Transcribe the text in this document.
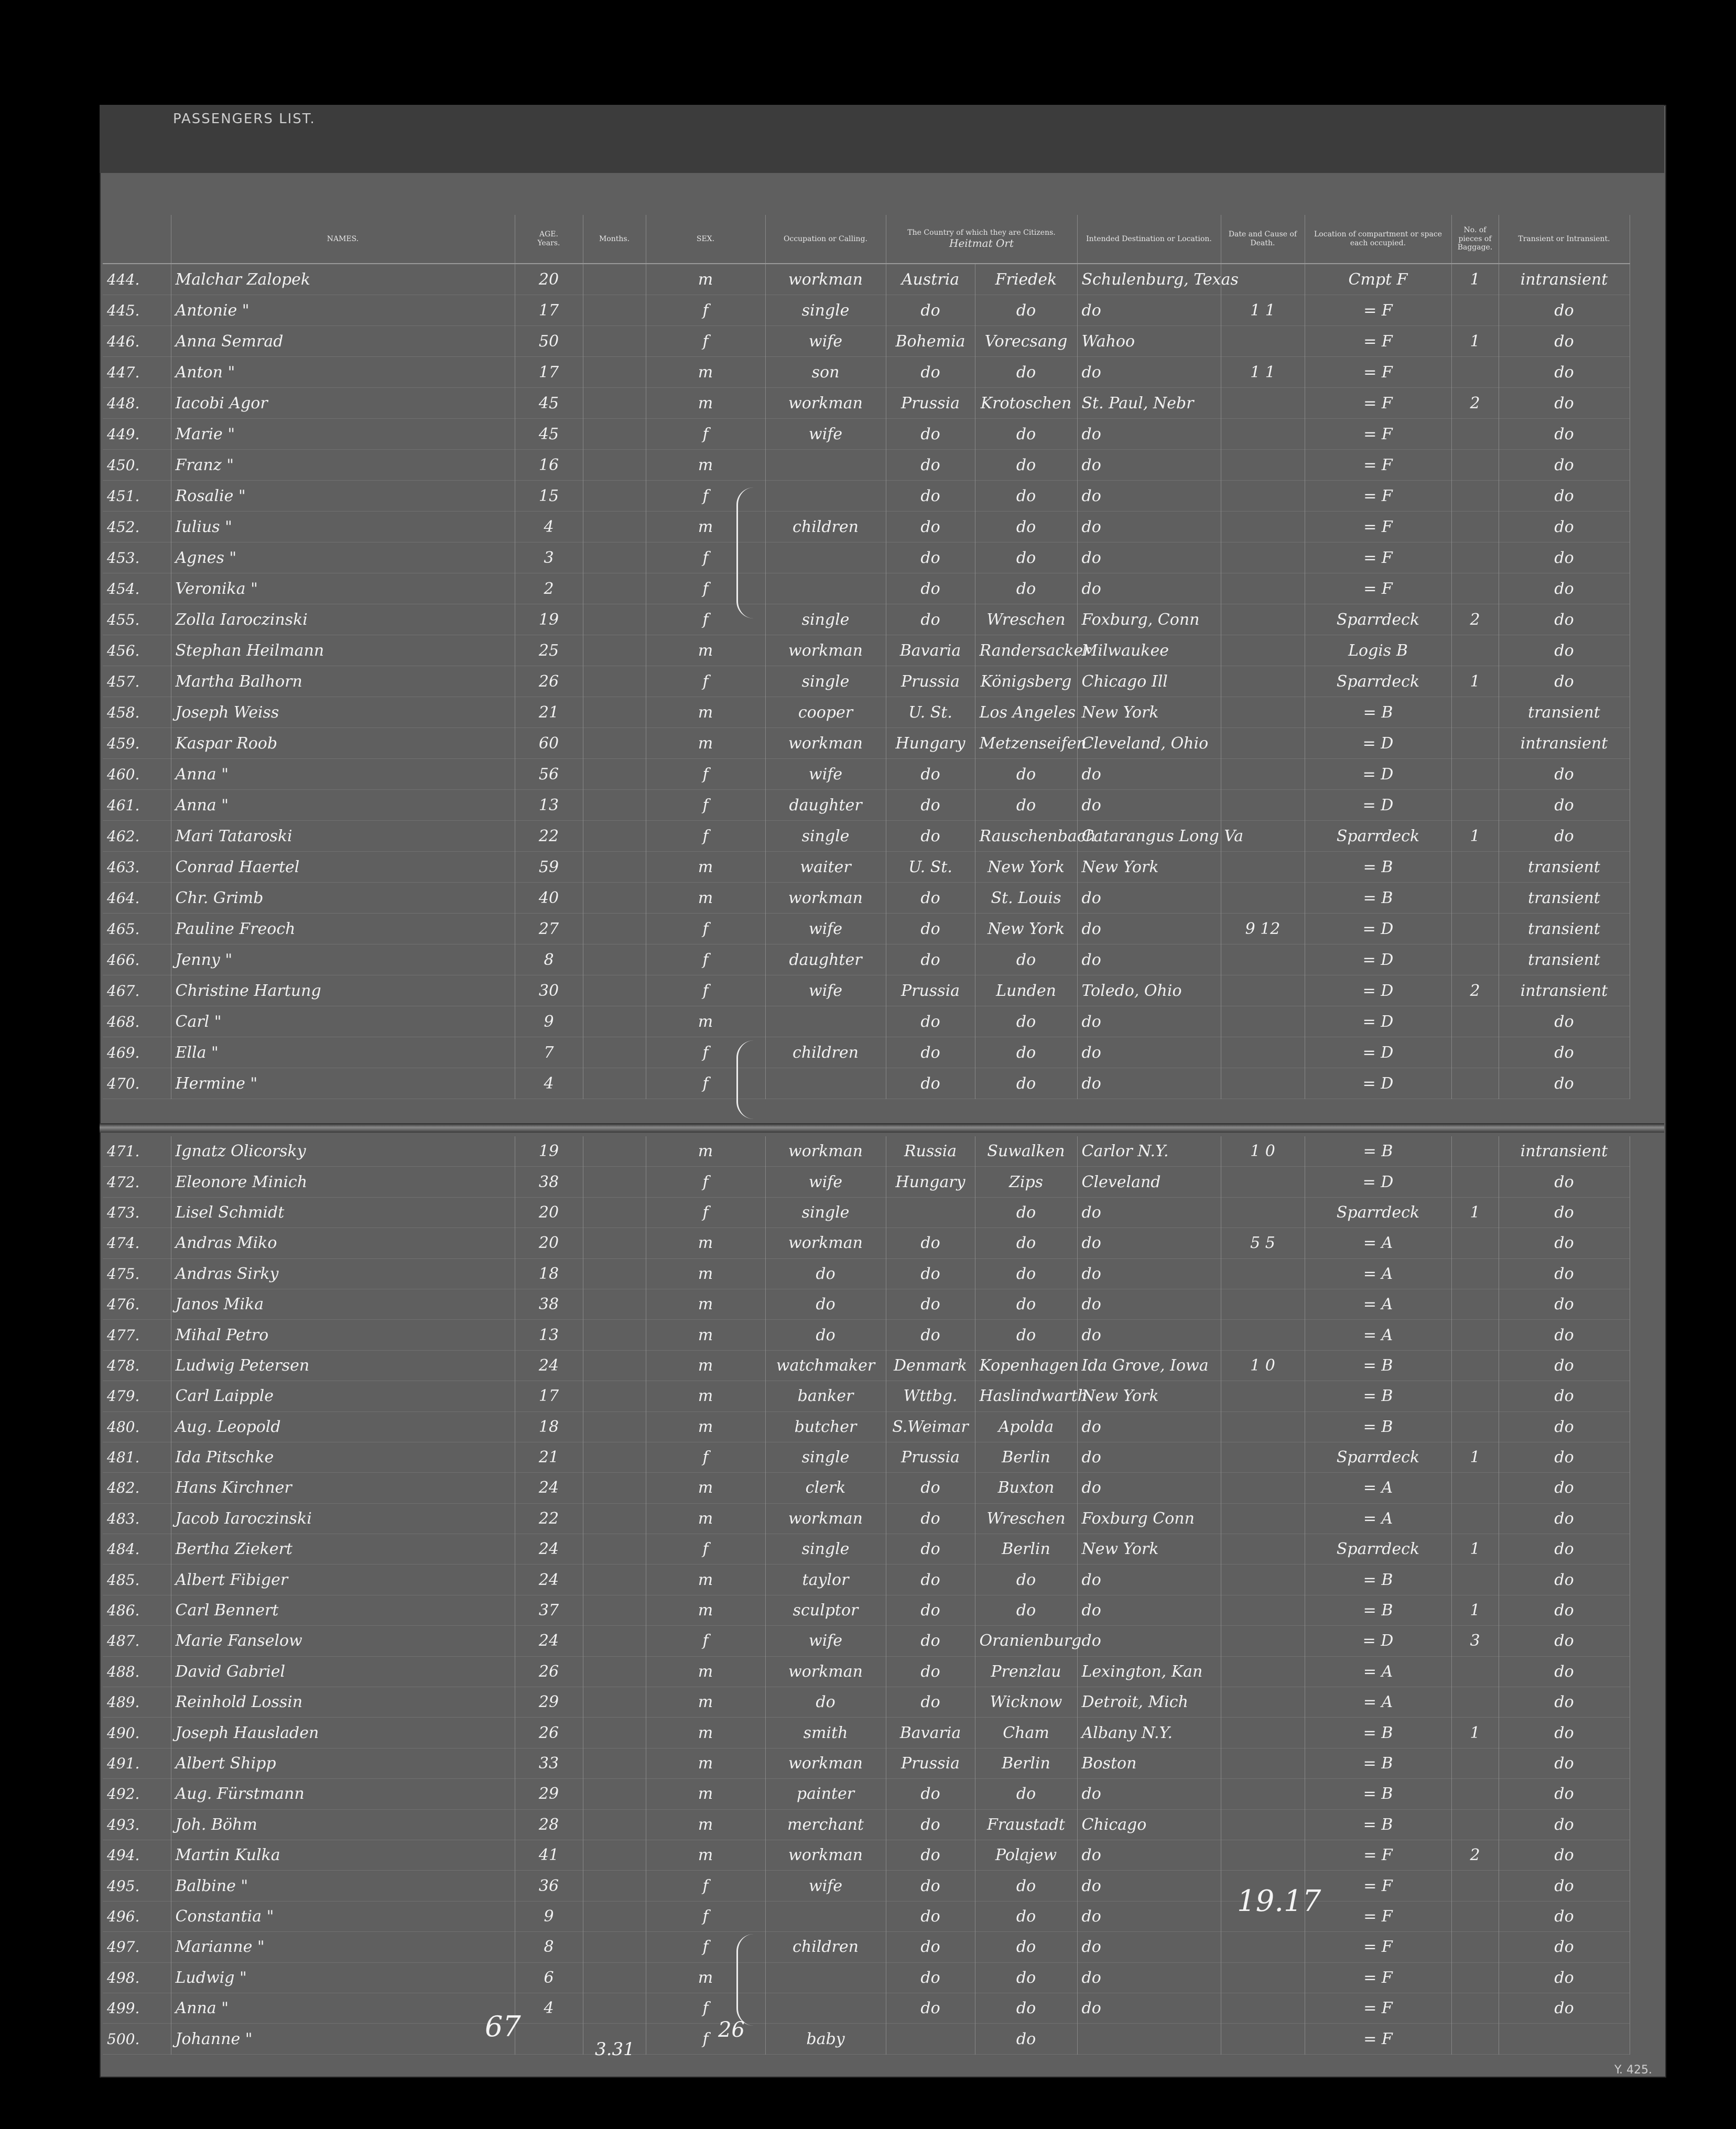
PASSENGERS LIST.
	NAMES.	AGE.
Years.	Months.	SEX.	Occupation or Calling.	The Country of which they are Citizens.
Heitmat Ort		Intended Destination or Location.	Date and Cause of Death.	Location of compartment or space each occupied.	No. of pieces of Baggage.	Transient or Intransient.
444.	Malchar Zalopek	20		m	workman	Austria	Friedek	Schulenburg, Texas		Cmpt F	1	intransient
445.	Antonie "	17		f	single	do	do	do	1 1	= F		do
446.	Anna Semrad	50		f	wife	Bohemia	Vorecsang	Wahoo		= F	1	do
447.	Anton "	17		m	son	do	do	do	1 1	= F		do
448.	Iacobi Agor	45		m	workman	Prussia	Krotoschen	St. Paul, Nebr		= F	2	do
449.	Marie "	45		f	wife	do	do	do		= F		do
450.	Franz "	16		m		do	do	do		= F		do
451.	Rosalie "	15		f		do	do	do		= F		do
452.	Iulius "	4		m	children	do	do	do		= F		do
453.	Agnes "	3		f		do	do	do		= F		do
454.	Veronika "	2		f		do	do	do		= F		do
455.	Zolla Iaroczinski	19		f	single	do	Wreschen	Foxburg, Conn		Sparrdeck	2	do
456.	Stephan Heilmann	25		m	workman	Bavaria	Randersacker	Milwaukee		Logis B		do
457.	Martha Balhorn	26		f	single	Prussia	Königsberg	Chicago Ill		Sparrdeck	1	do
458.	Joseph Weiss	21		m	cooper	U. St.	Los Angeles	New York		= B		transient
459.	Kaspar Roob	60		m	workman	Hungary	Metzenseifen	Cleveland, Ohio		= D		intransient
460.	Anna "	56		f	wife	do	do	do		= D		do
461.	Anna "	13		f	daughter	do	do	do		= D		do
462.	Mari Tataroski	22		f	single	do	Rauschenbach	Catarangus Long Va		Sparrdeck	1	do
463.	Conrad Haertel	59		m	waiter	U. St.	New York	New York		= B		transient
464.	Chr. Grimb	40		m	workman	do	St. Louis	do		= B		transient
465.	Pauline Freoch	27		f	wife	do	New York	do	9 12	= D		transient
466.	Jenny "	8		f	daughter	do	do	do		= D		transient
467.	Christine Hartung	30		f	wife	Prussia	Lunden	Toledo, Ohio		= D	2	intransient
468.	Carl "	9		m		do	do	do		= D		do
469.	Ella "	7		f	children	do	do	do		= D		do
470.	Hermine "	4		f		do	do	do		= D		do
471.	Ignatz Olicorsky	19		m	workman	Russia	Suwalken	Carlor N.Y.	1 0	= B		intransient
472.	Eleonore Minich	38		f	wife	Hungary	Zips	Cleveland		= D		do
473.	Lisel Schmidt	20		f	single		do	do		Sparrdeck	1	do
474.	Andras Miko	20		m	workman	do	do	do	5 5	= A		do
475.	Andras Sirky	18		m	do	do	do	do		= A		do
476.	Janos Mika	38		m	do	do	do	do		= A		do
477.	Mihal Petro	13		m	do	do	do	do		= A		do
478.	Ludwig Petersen	24		m	watchmaker	Denmark	Kopenhagen	Ida Grove, Iowa	1 0	= B		do
479.	Carl Laipple	17		m	banker	Wttbg.	Haslindwarth	New York		= B		do
480.	Aug. Leopold	18		m	butcher	S.Weimar	Apolda	do		= B		do
481.	Ida Pitschke	21		f	single	Prussia	Berlin	do		Sparrdeck	1	do
482.	Hans Kirchner	24		m	clerk	do	Buxton	do		= A		do
483.	Jacob Iaroczinski	22		m	workman	do	Wreschen	Foxburg Conn		= A		do
484.	Bertha Ziekert	24		f	single	do	Berlin	New York		Sparrdeck	1	do
485.	Albert Fibiger	24		m	taylor	do	do	do		= B		do
486.	Carl Bennert	37		m	sculptor	do	do	do		= B	1	do
487.	Marie Fanselow	24		f	wife	do	Oranienburg	do		= D	3	do
488.	David Gabriel	26		m	workman	do	Prenzlau	Lexington, Kan		= A		do
489.	Reinhold Lossin	29		m	do	do	Wicknow	Detroit, Mich		= A		do
490.	Joseph Hausladen	26		m	smith	Bavaria	Cham	Albany N.Y.		= B	1	do
491.	Albert Shipp	33		m	workman	Prussia	Berlin	Boston		= B		do
492.	Aug. Fürstmann	29		m	painter	do	do	do		= B		do
493.	Joh. Böhm	28		m	merchant	do	Fraustadt	Chicago		= B		do
494.	Martin Kulka	41		m	workman	do	Polajew	do		= F	2	do
495.	Balbine "	36		f	wife	do	do	do		= F		do
496.	Constantia "	9		f		do	do	do		= F		do
497.	Marianne "	8		f	children	do	do	do		= F		do
498.	Ludwig "	6		m		do	do	do		= F		do
499.	Anna "	4		f		do	do	do		= F		do
500.	Johanne "			f	baby		do			= F		
67
3.31
26
19.17
Y. 425.
